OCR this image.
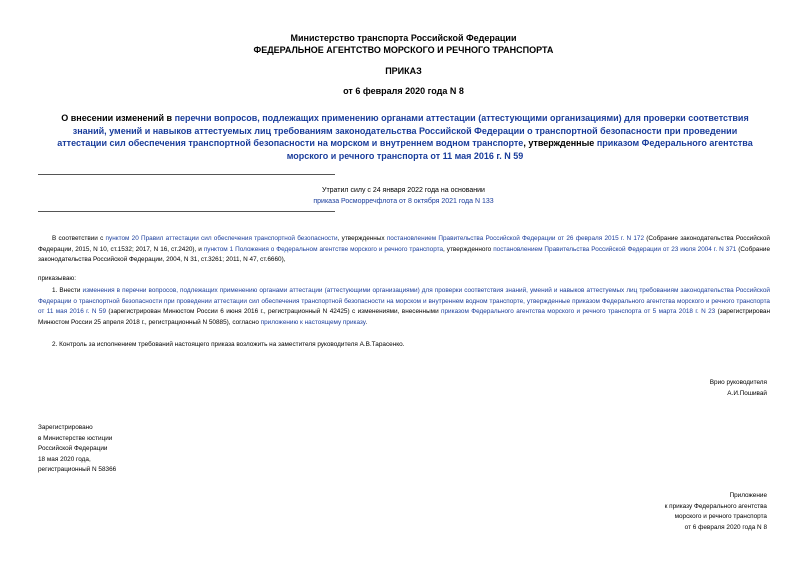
Министерство транспорта Российской Федерации
ФЕДЕРАЛЬНОЕ АГЕНТСТВО МОРСКОГО И РЕЧНОГО ТРАНСПОРТА
ПРИКАЗ
от 6 февраля 2020 года N 8
О внесении изменений в перечни вопросов, подлежащих применению органами аттестации (аттестующими организациями) для проверки соответствия знаний, умений и навыков аттестуемых лиц требованиям законодательства Российской Федерации о транспортной безопасности при проведении аттестации сил обеспечения транспортной безопасности на морском и внутреннем водном транспорте, утвержденные приказом Федерального агентства морского и речного транспорта от 11 мая 2016 г. N 59
Утратил силу с 24 января 2022 года на основании
приказа Росморречфлота от 8 октября 2021 года N 133
В соответствии с пунктом 20 Правил аттестации сил обеспечения транспортной безопасности, утвержденных постановлением Правительства Российской Федерации от 26 февраля 2015 г. N 172 (Собрание законодательства Российской Федерации, 2015, N 10, ст.1532; 2017, N 16, ст.2420), и пунктом 1 Положения о Федеральном агентстве морского и речного транспорта, утвержденного постановлением Правительства Российской Федерации от 23 июля 2004 г. N 371 (Собрание законодательства Российской Федерации, 2004, N 31, ст.3261; 2011, N 47, ст.6660),
приказываю:
1. Внести изменения в перечни вопросов, подлежащих применению органами аттестации (аттестующими организациями) для проверки соответствия знаний, умений и навыков аттестуемых лиц требованиям законодательства Российской Федерации о транспортной безопасности при проведении аттестации сил обеспечения транспортной безопасности на морском и внутреннем водном транспорте, утвержденные приказом Федерального агентства морского и речного транспорта от 11 мая 2016 г. N 59 (зарегистрирован Минюстом России 6 июня 2016 г., регистрационный N 42425) с изменениями, внесенными приказом Федерального агентства морского и речного транспорта от 5 марта 2018 г. N 23 (зарегистрирован Минюстом России 25 апреля 2018 г., регистрационный N 50885), согласно приложению к настоящему приказу.
2. Контроль за исполнением требований настоящего приказа возложить на заместителя руководителя А.В.Тарасенко.
Врио руководителя
А.И.Пошивай
Зарегистрировано
в Министерстве юстиции
Российской Федерации
18 мая 2020 года,
регистрационный N 58366
Приложение
к приказу Федерального агентства
морского и речного транспорта
от 6 февраля 2020 года N 8
